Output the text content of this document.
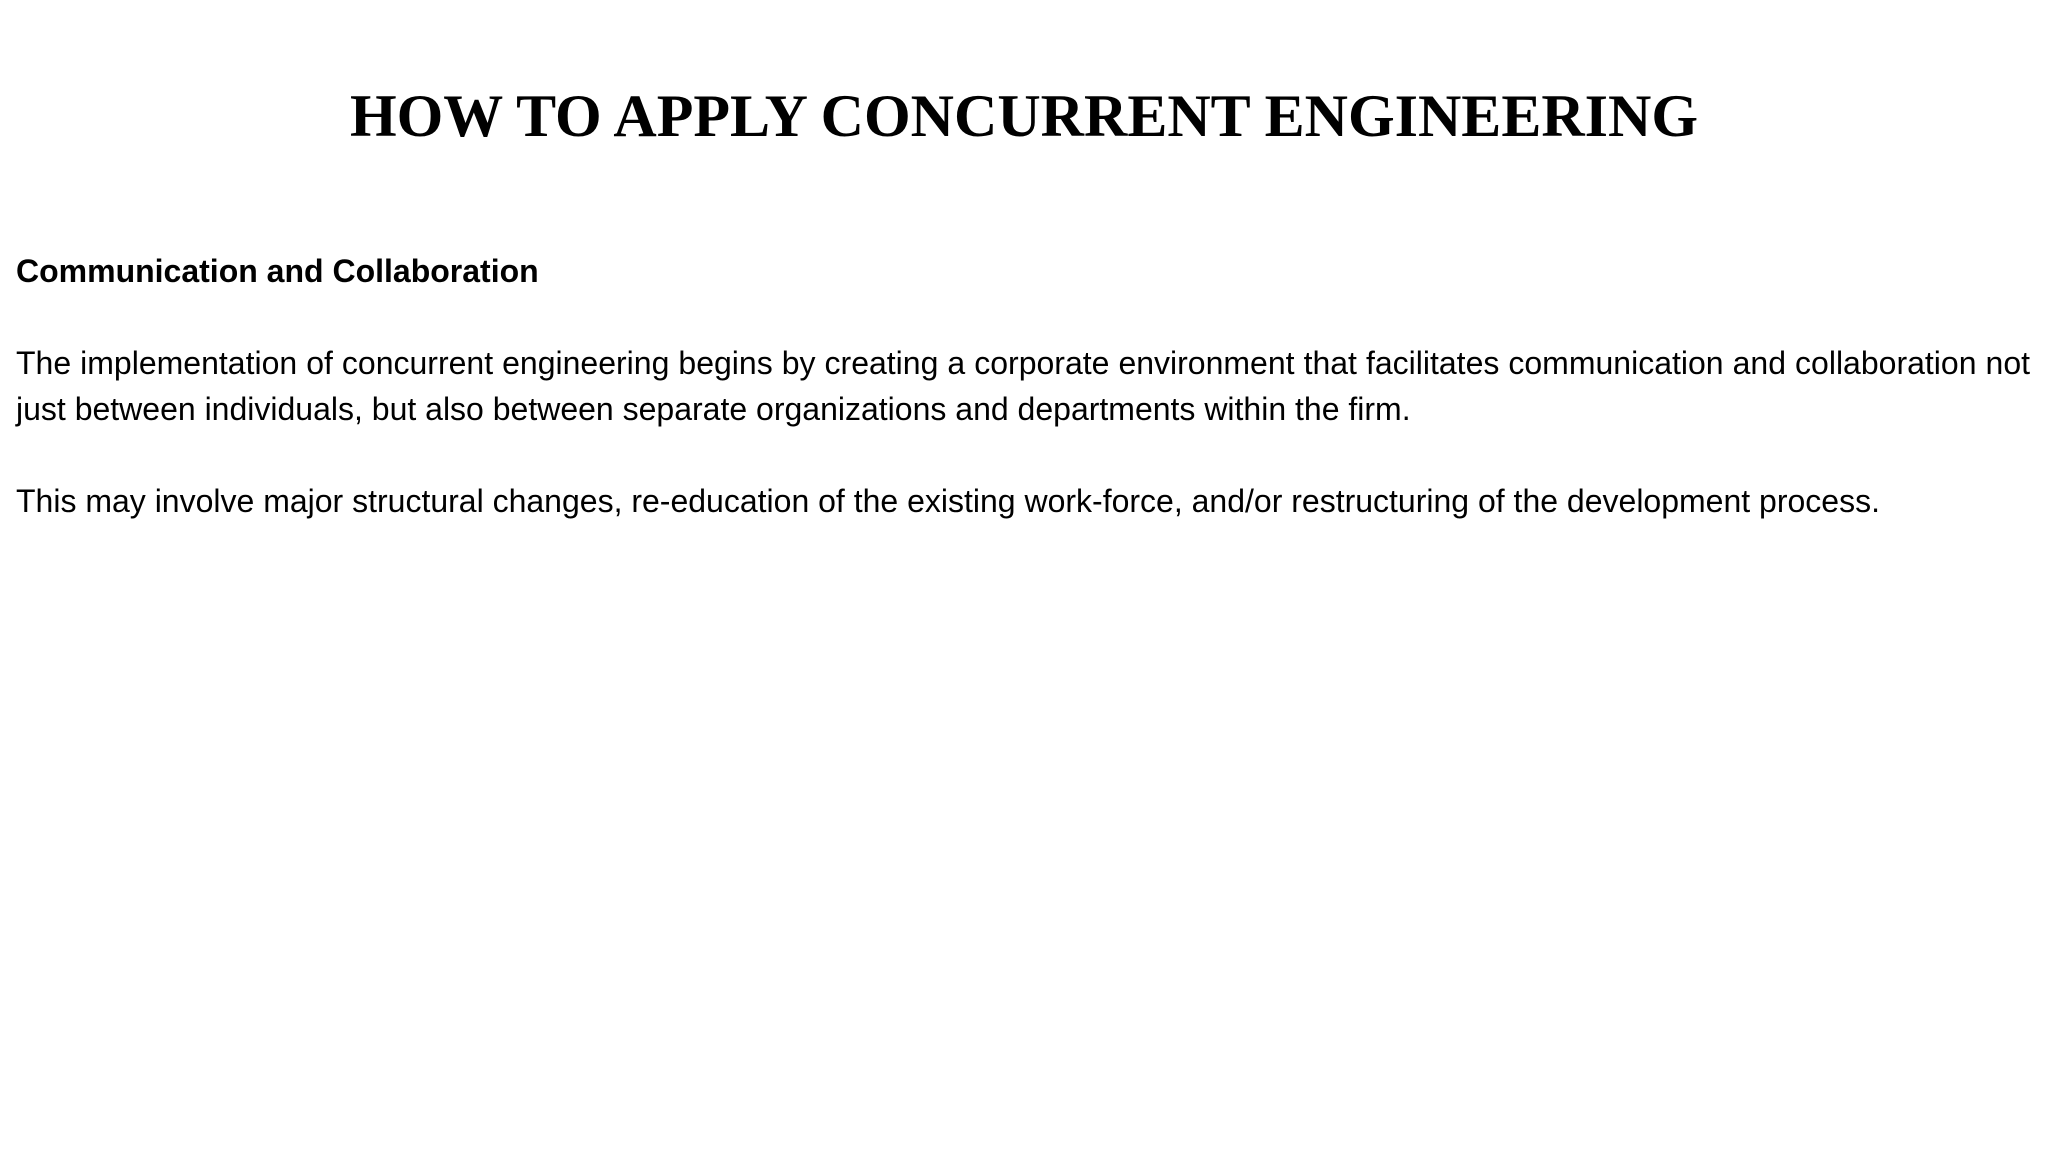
HOW TO APPLY CONCURRENT ENGINEERING

Communication and Collaboration

The implementation of concurrent engineering begins by creating a corporate environment that facilitates communication and collaboration not just between individuals, but also between separate organizations and departments within the firm.

This may involve major structural changes, re-education of the existing work-force, and/or restructuring of the development process.
